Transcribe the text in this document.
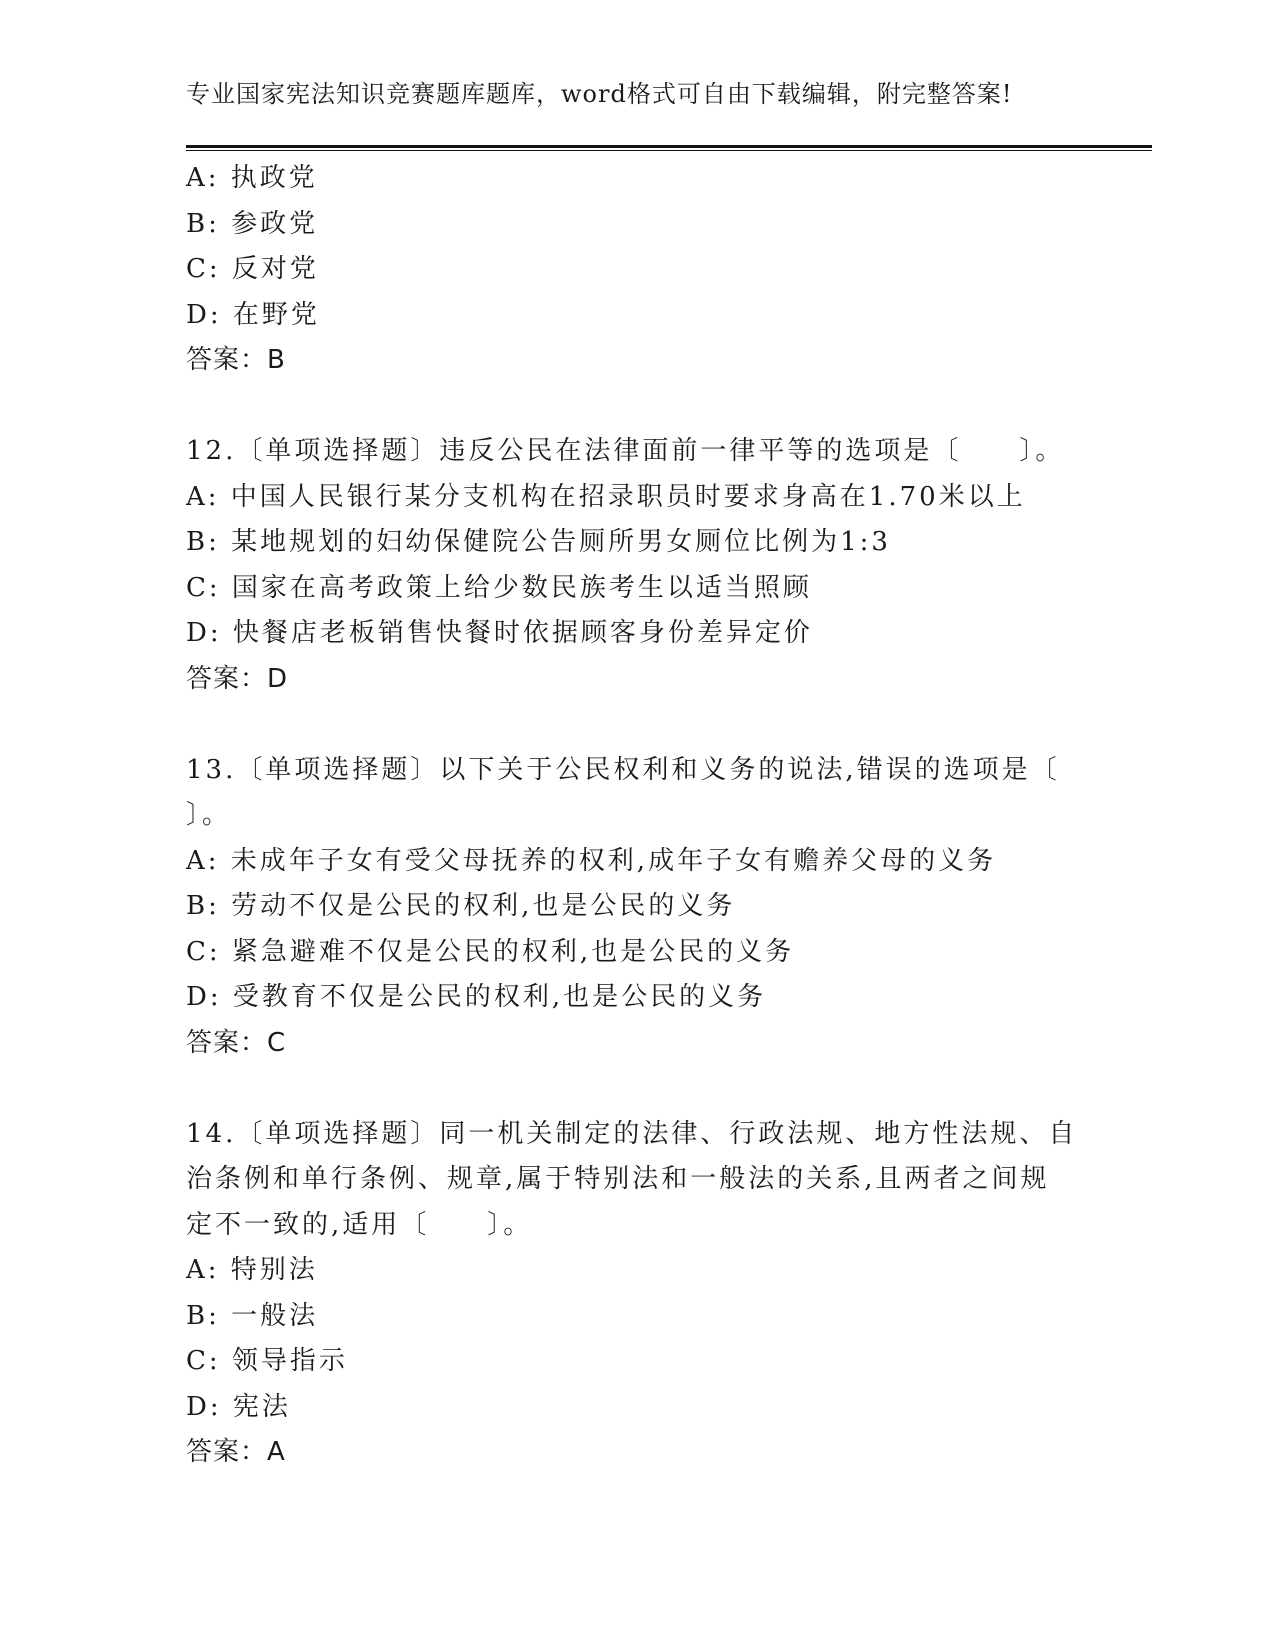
专业国家宪法知识竞赛题库题库，word格式可自由下载编辑，附完整答案!
A: 执政党
B: 参政党
C: 反对党
D: 在野党
答案：B
12.〔单项选择题〕违反公民在法律面前一律平等的选项是〔　　〕。
A: 中国人民银行某分支机构在招录职员时要求身高在1.70米以上
B: 某地规划的妇幼保健院公告厕所男女厕位比例为1:3
C: 国家在高考政策上给少数民族考生以适当照顾
D: 快餐店老板销售快餐时依据顾客身份差异定价
答案：D
13.〔单项选择题〕以下关于公民权利和义务的说法,错误的选项是〔
〕。
A: 未成年子女有受父母抚养的权利,成年子女有赡养父母的义务
B: 劳动不仅是公民的权利,也是公民的义务
C: 紧急避难不仅是公民的权利,也是公民的义务
D: 受教育不仅是公民的权利,也是公民的义务
答案：C
14.〔单项选择题〕同一机关制定的法律、行政法规、地方性法规、自
治条例和单行条例、规章,属于特别法和一般法的关系,且两者之间规
定不一致的,适用〔　　〕。
A: 特别法
B: 一般法
C: 领导指示
D: 宪法
答案：A
